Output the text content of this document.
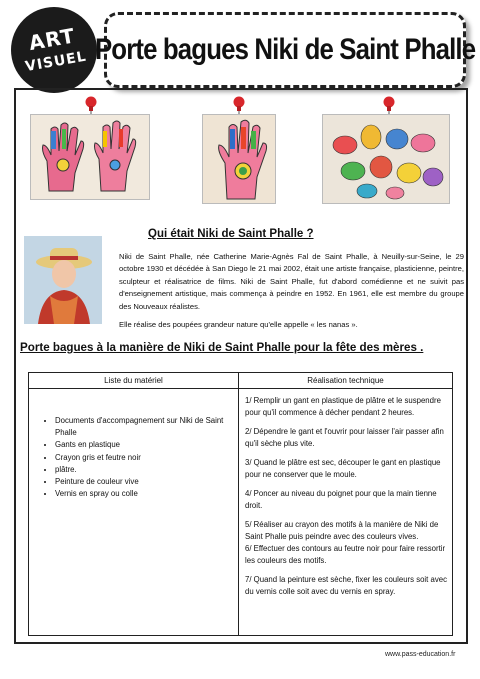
ART
VISUEL Porte bagues Niki de Saint Phalle
Qui était Niki de Saint Phalle ?

Niki de Saint Phalle, née Catherine Marie-Agnès Fal de Saint Phalle, à Neuilly-sur-Seine, le 29 octobre 1930 et décédée à San Diego le 21 mai 2002, était une artiste française, plasticienne, peintre, sculpteur et réalisatrice de films. Niki de Saint Phalle, fut d'abord comédienne et ne suivit pas d'enseignement artistique, mais commença à peindre en 1952. En 1961, elle est membre du groupe des Nouveaux réalistes.

Elle réalise des poupées grandeur nature qu'elle appelle « les nanas ».

Porte bagues à la manière de Niki de Saint Phalle pour la fête des mères .
Liste du matériel	Réalisation technique
• Documents d'accompagnement sur Niki de Saint Phalle
• Gants en plastique
• Crayon gris et feutre noir
• plâtre.
• Peinture de couleur vive
• Vernis en spray ou colle

1/ Remplir un gant en plastique de plâtre et le suspendre pour qu'il commence à décher pendant 2 heures.

2/ Dépendre le gant et l'ouvrir pour laisser l'air passer afin qu'il sèche plus vite.

3/ Quand le plâtre est sec, découper le gant en plastique pour ne conserver que le moule.

4/ Poncer au niveau du poignet pour que la main tienne droit.

5/ Réaliser au crayon des motifs à la manière de Niki de Saint Phalle puis peindre avec des couleurs vives.

6/ Effectuer des contours au feutre noir pour faire ressortir les couleurs des motifs.

7/ Quand la peinture est sèche, fixer les couleurs soit avec du vernis colle soit avec du vernis en spray.

www.pass-education.fr
